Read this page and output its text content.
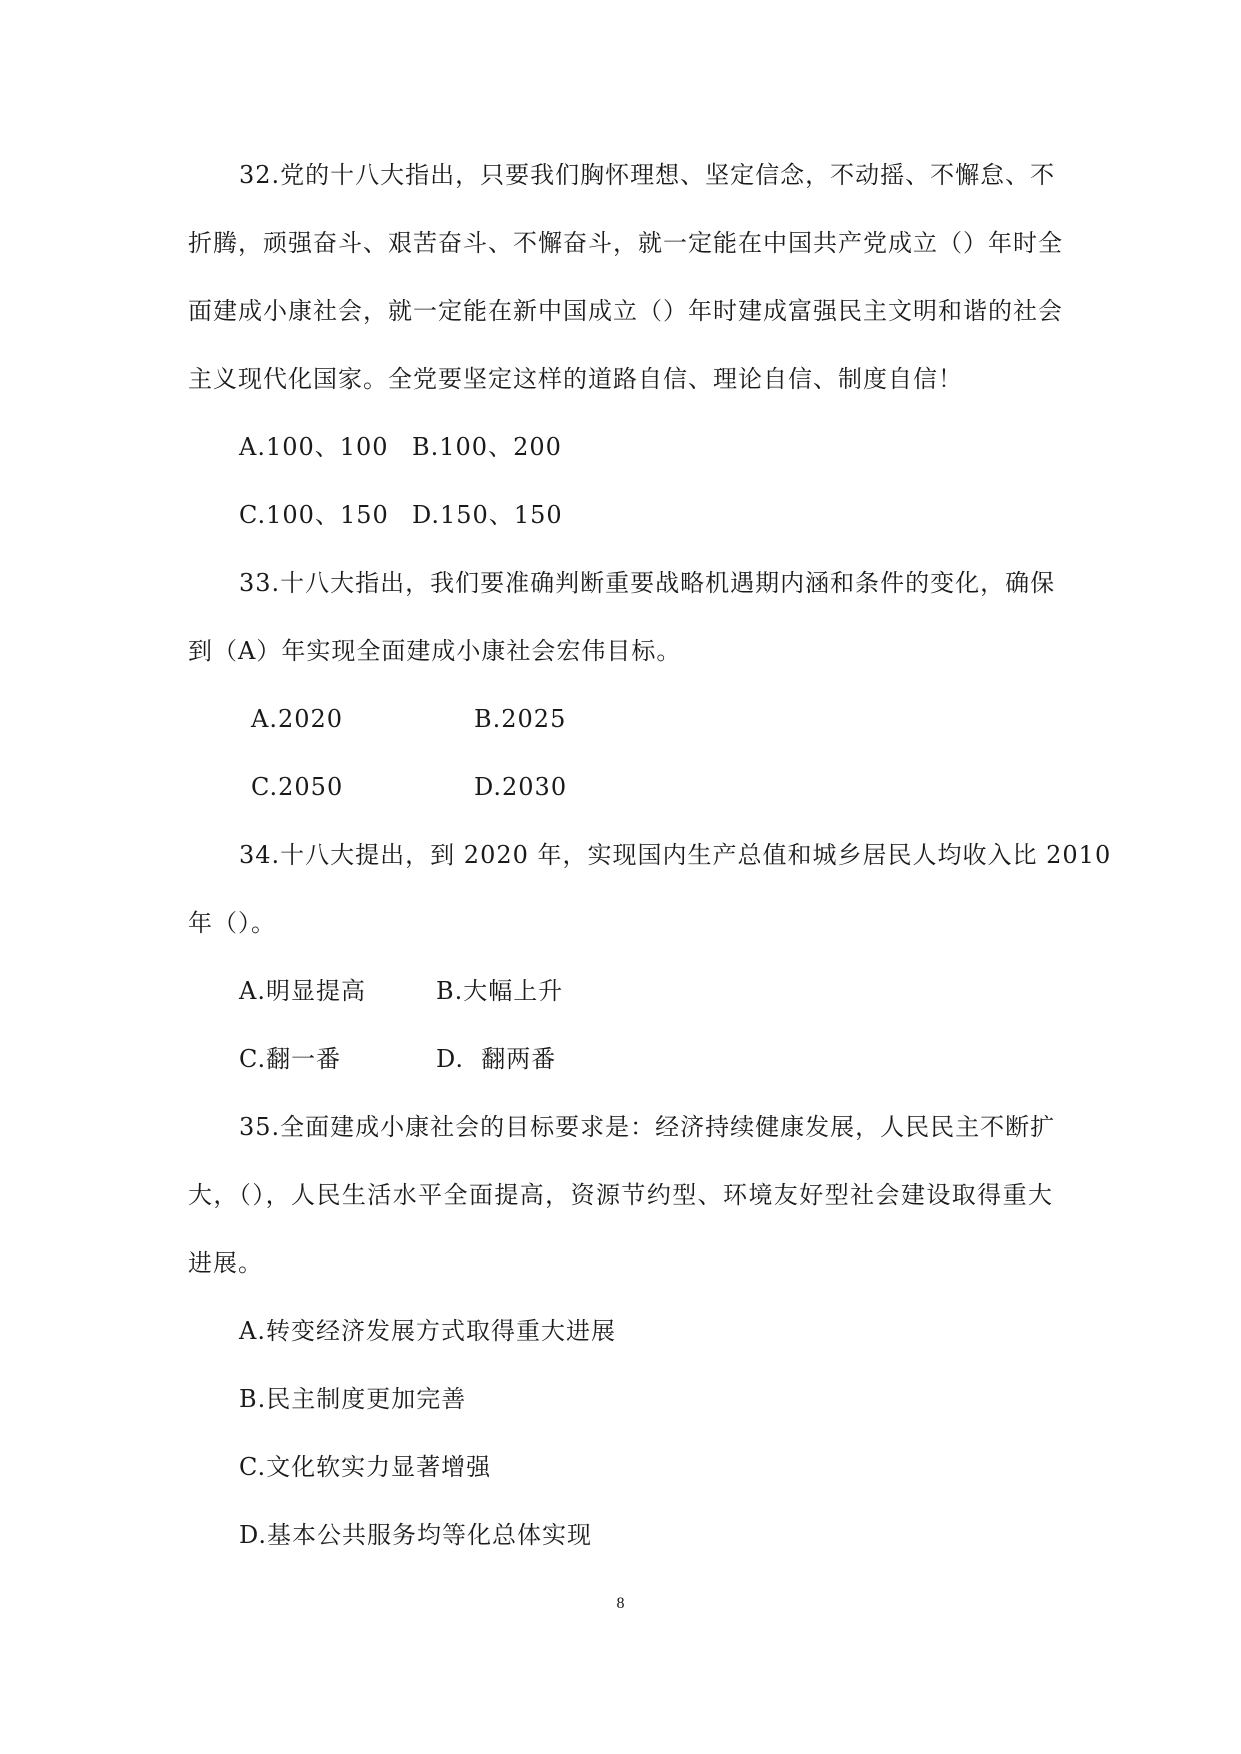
32.党的十八大指出，只要我们胸怀理想、坚定信念，不动摇、不懈怠、不
折腾，顽强奋斗、艰苦奋斗、不懈奋斗，就一定能在中国共产党成立（）年时全
面建成小康社会，就一定能在新中国成立（）年时建成富强民主文明和谐的社会
主义现代化国家。全党要坚定这样的道路自信、理论自信、制度自信！
A.100、100 B.100、200
C.100、150 D.150、150
33.十八大指出，我们要准确判断重要战略机遇期内涵和条件的变化，确保
到（A）年实现全面建成小康社会宏伟目标。
A.2020	B.2025
C.2050	D.2030
34.十八大提出，到 2020 年，实现国内生产总值和城乡居民人均收入比 2010
年（）。
A.明显提高	B.大幅上升
C.翻一番	D.  翻两番
35.全面建成小康社会的目标要求是：经济持续健康发展，人民民主不断扩
大，（），人民生活水平全面提高，资源节约型、环境友好型社会建设取得重大
进展。
A.转变经济发展方式取得重大进展
B.民主制度更加完善
C.文化软实力显著增强
D.基本公共服务均等化总体实现
8
